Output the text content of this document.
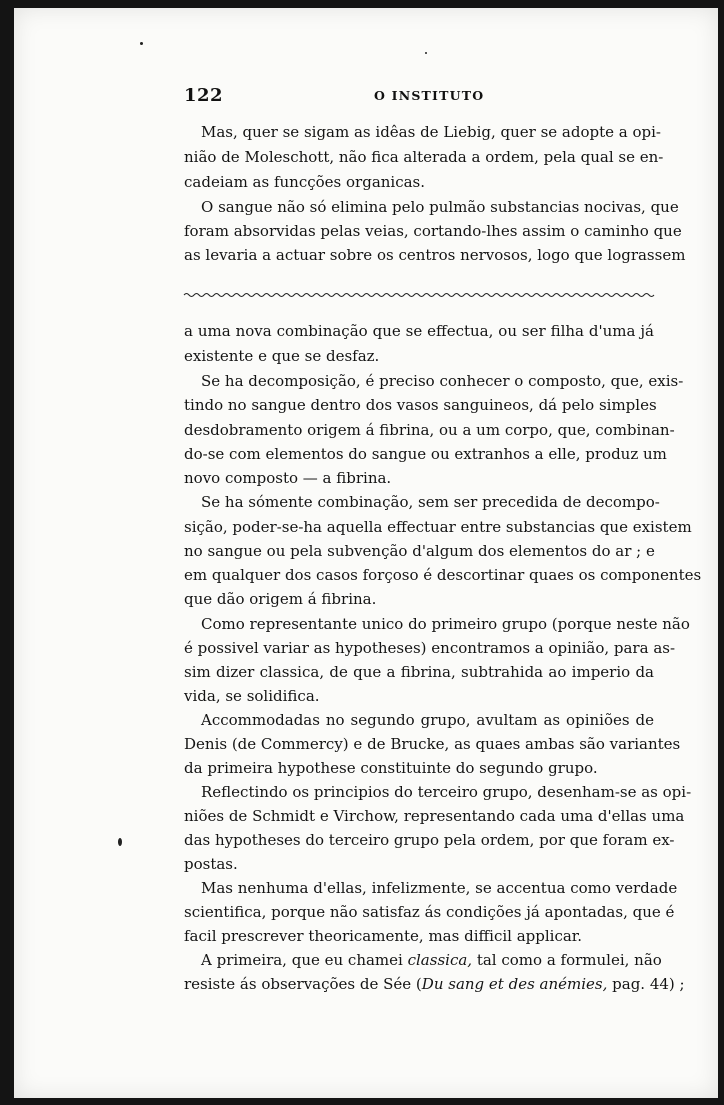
122	O INSTITUTO
Mas, quer se sigam as idêas de Liebig, quer se adopte a opi-
nião de Moleschott, não fica alterada a ordem, pela qual se en-
cadeiam as funcções organicas.
O sangue não só elimina pelo pulmão substancias nocivas, que
foram absorvidas pelas veias, cortando-lhes assim o caminho que
as levaria a actuar sobre os centros nervosos, logo que lograssem
a uma nova combinação que se effectua, ou ser filha d'uma já
existente e que se desfaz.
Se ha decomposição, é preciso conhecer o composto, que, exis-
tindo no sangue dentro dos vasos sanguineos, dá pelo simples
desdobramento origem á fibrina, ou a um corpo, que, combinan-
do-se com elementos do sangue ou extranhos a elle, produz um
novo composto — a fibrina.
Se ha sómente combinação, sem ser precedida de decompo-
sição, poder-se-ha aquella effectuar entre substancias que existem
no sangue ou pela subvenção d'algum dos elementos do ar ; e
em qualquer dos casos forçoso é descortinar quaes os componentes
que dão origem á fibrina.
Como representante unico do primeiro grupo (porque neste não
é possivel variar as hypotheses) encontramos a opinião, para as-
sim dizer classica, de que a fibrina, subtrahida ao imperio da
vida, se solidifica.
Accommodadas no segundo grupo, avultam as opiniões de
Denis (de Commercy) e de Brucke, as quaes ambas são variantes
da primeira hypothese constituinte do segundo grupo.
Reflectindo os principios do terceiro grupo, desenham-se as opi-
niões de Schmidt e Virchow, representando cada uma d'ellas uma
das hypotheses do terceiro grupo pela ordem, por que foram ex-
postas.
Mas nenhuma d'ellas, infelizmente, se accentua como verdade
scientifica, porque não satisfaz ás condições já apontadas, que é
facil prescrever theoricamente, mas difficil applicar.
A primeira, que eu chamei classica, tal como a formulei, não
resiste ás observações de Sée (Du sang et des anémies, pag. 44) ;
